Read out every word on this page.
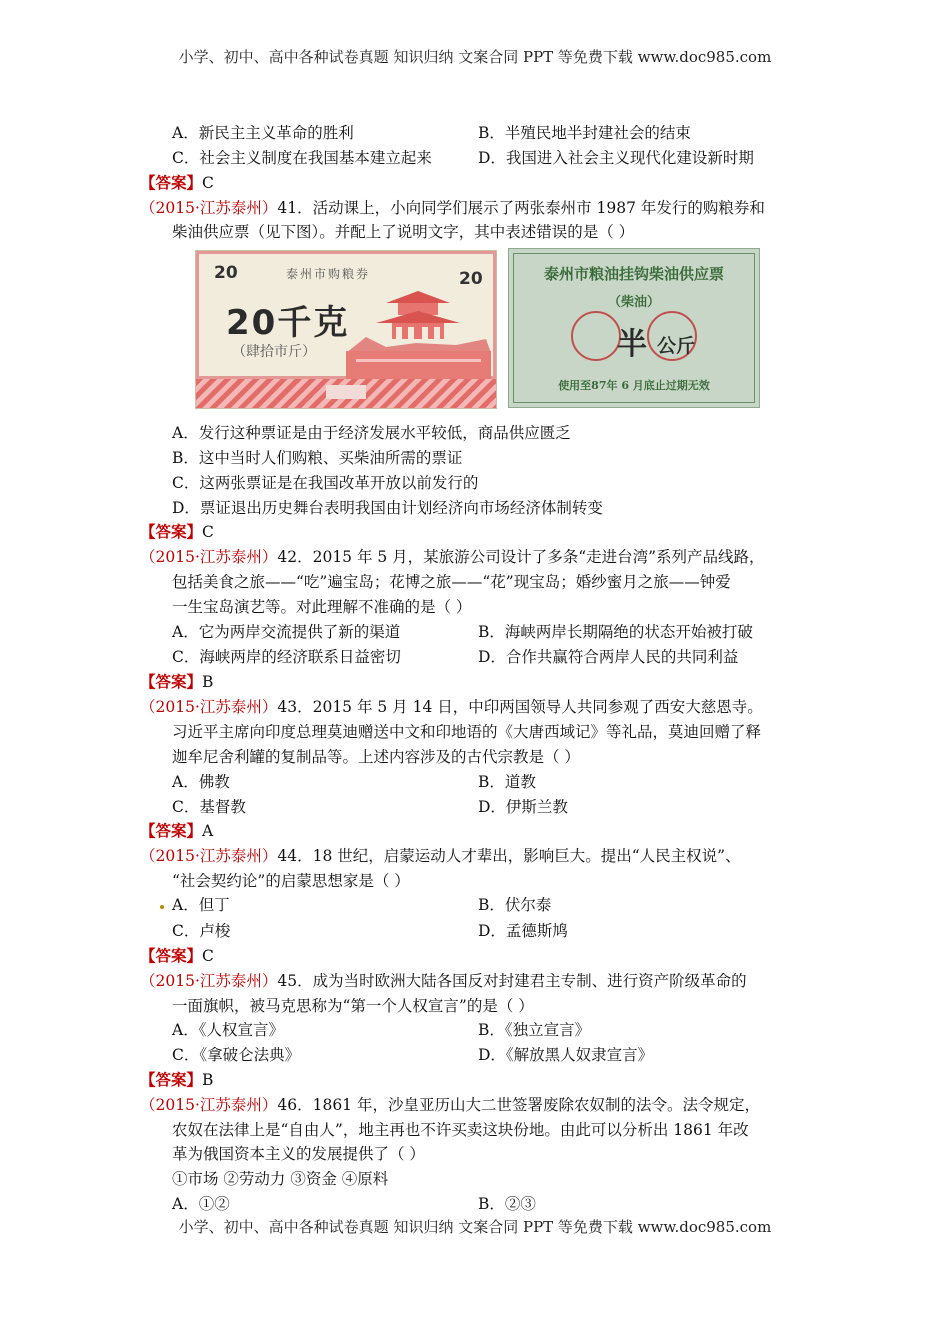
小学、初中、高中各种试卷真题 知识归纳 文案合同 PPT 等免费下载 www.doc985.com
A．新民主主义革命的胜利	B．半殖民地半封建社会的结束
C．社会主义制度在我国基本建立起来	D．我国进入社会主义现代化建设新时期
【答案】C
（2015·江苏泰州）41．活动课上，小向同学们展示了两张泰州市 1987 年发行的购粮券和
柴油供应票（见下图）。并配上了说明文字，其中表述错误的是（ ）
20	20
泰州市购粮券
20千克
（肆拾市斤）
泰州市粮油挂钩柴油供应票
（柴油）
半 公斤
使用至87年 6 月底止过期无效
A．发行这种票证是由于经济发展水平较低，商品供应匮乏
B．这中当时人们购粮、买柴油所需的票证
C．这两张票证是在我国改革开放以前发行的
D．票证退出历史舞台表明我国由计划经济向市场经济体制转变
【答案】C
（2015·江苏泰州）42．2015 年 5 月，某旅游公司设计了多条“走进台湾”系列产品线路，
包括美食之旅——“吃”遍宝岛；花博之旅——“花”现宝岛；婚纱蜜月之旅——钟爱
一生宝岛演艺等。对此理解不准确的是（ ）
A．它为两岸交流提供了新的渠道	B．海峡两岸长期隔绝的状态开始被打破
C．海峡两岸的经济联系日益密切	D．合作共赢符合两岸人民的共同利益
【答案】B
（2015·江苏泰州）43．2015 年 5 月 14 日，中印两国领导人共同参观了西安大慈恩寺。
习近平主席向印度总理莫迪赠送中文和印地语的《大唐西域记》等礼品，莫迪回赠了释
迦牟尼舍利罐的复制品等。上述内容涉及的古代宗教是（ ）
A．佛教	B．道教
C．基督教	D．伊斯兰教
【答案】A
（2015·江苏泰州）44．18 世纪，启蒙运动人才辈出，影响巨大。提出“人民主权说”、
“社会契约论”的启蒙思想家是（ ）
A．但丁	B．伏尔泰
C．卢梭	D．孟德斯鸠
【答案】C
（2015·江苏泰州）45．成为当时欧洲大陆各国反对封建君主专制、进行资产阶级革命的
一面旗帜，被马克思称为“第一个人权宣言”的是（ ）
A．《人权宣言》	B．《独立宣言》
C．《拿破仑法典》	D．《解放黑人奴隶宣言》
【答案】B
（2015·江苏泰州）46．1861 年，沙皇亚历山大二世签署废除农奴制的法令。法令规定，
农奴在法律上是“自由人”，地主再也不许买卖这块份地。由此可以分析出 1861 年改
革为俄国资本主义的发展提供了（ ）
①市场 ②劳动力 ③资金 ④原料
A．①②	B．②③
小学、初中、高中各种试卷真题 知识归纳 文案合同 PPT 等免费下载 www.doc985.com
